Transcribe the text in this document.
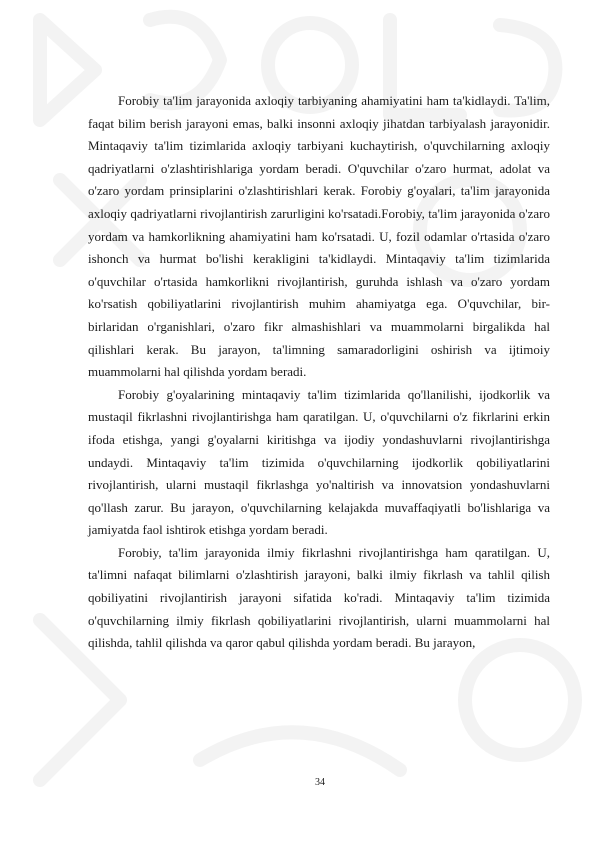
Forobiy ta'lim jarayonida axloqiy tarbiyaning ahamiyatini ham ta'kidlaydi. Ta'lim, faqat bilim berish jarayoni emas, balki insonni axloqiy jihatdan tarbiyalash jarayonidir. Mintaqaviy ta'lim tizimlarida axloqiy tarbiyani kuchaytirish, o'quvchilarning axloqiy qadriyatlarni o'zlashtirishlariga yordam beradi. O'quvchilar o'zaro hurmat, adolat va o'zaro yordam prinsiplarini o'zlashtirishlari kerak. Forobiy g'oyalari, ta'lim jarayonida axloqiy qadriyatlarni rivojlantirish zarurligini ko'rsatadi.Forobiy, ta'lim jarayonida o'zaro yordam va hamkorlikning ahamiyatini ham ko'rsatadi. U, fozil odamlar o'rtasida o'zaro ishonch va hurmat bo'lishi kerakligini ta'kidlaydi. Mintaqaviy ta'lim tizimlarida o'quvchilar o'rtasida hamkorlikni rivojlantirish, guruhda ishlash va o'zaro yordam ko'rsatish qobiliyatlarini rivojlantirish muhim ahamiyatga ega. O'quvchilar, bir-birlaridan o'rganishlari, o'zaro fikr almashishlari va muammolarni birgalikda hal qilishlari kerak. Bu jarayon, ta'limning samaradorligini oshirish va ijtimoiy muammolarni hal qilishda yordam beradi.

Forobiy g'oyalarining mintaqaviy ta'lim tizimlarida qo'llanilishi, ijodkorlik va mustaqil fikrlashni rivojlantirishga ham qaratilgan. U, o'quvchilarni o'z fikrlarini erkin ifoda etishga, yangi g'oyalarni kiritishga va ijodiy yondashuvlarni rivojlantirishga undaydi. Mintaqaviy ta'lim tizimida o'quvchilarning ijodkorlik qobiliyatlarini rivojlantirish, ularni mustaqil fikrlashga yo'naltirish va innovatsion yondashuvlarni qo'llash zarur. Bu jarayon, o'quvchilarning kelajakda muvaffaqiyatli bo'lishlariga va jamiyatda faol ishtirok etishga yordam beradi.

Forobiy, ta'lim jarayonida ilmiy fikrlashni rivojlantirishga ham qaratilgan. U, ta'limni nafaqat bilimlarni o'zlashtirish jarayoni, balki ilmiy fikrlash va tahlil qilish qobiliyatini rivojlantirish jarayoni sifatida ko'radi. Mintaqaviy ta'lim tizimida o'quvchilarning ilmiy fikrlash qobiliyatlarini rivojlantirish, ularni muammolarni hal qilishda, tahlil qilishda va qaror qabul qilishda yordam beradi. Bu jarayon,

34
